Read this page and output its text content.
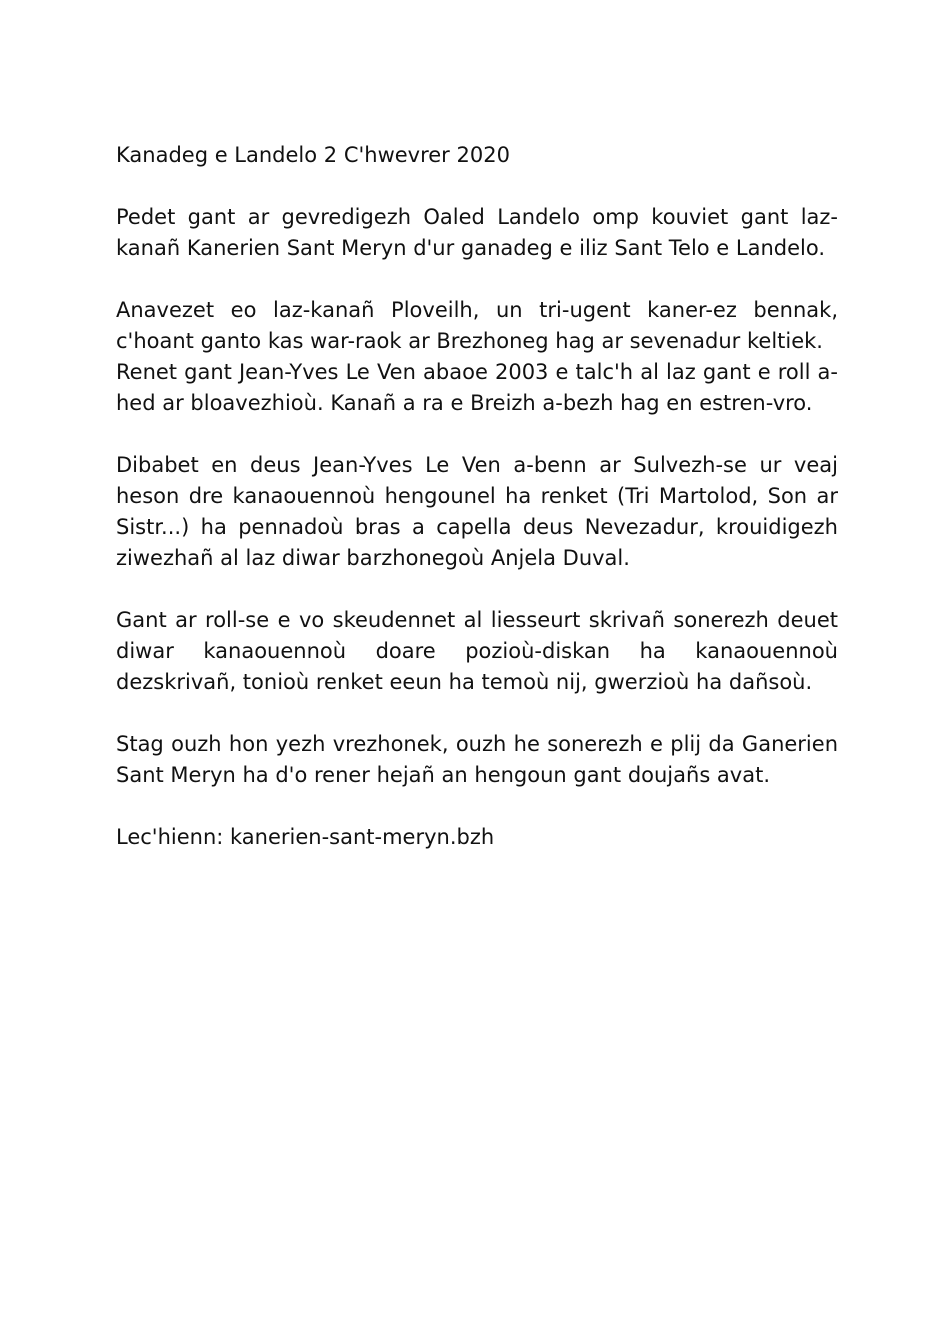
Kanadeg e Landelo 2 C'hwevrer 2020

Pedet gant ar gevredigezh Oaled Landelo omp kouviet gant laz-kanañ Kanerien Sant Meryn d'ur ganadeg e iliz Sant Telo e Landelo.

Anavezet eo laz-kanañ Ploveilh, un tri-ugent kaner-ez bennak, c'hoant ganto kas war-raok ar Brezhoneg hag ar sevenadur keltiek.

Renet gant Jean-Yves Le Ven abaoe 2003 e talc'h al laz gant e roll a-hed ar bloavezhioù. Kanañ a ra e Breizh a-bezh hag en estren-vro.

Dibabet en deus Jean-Yves Le Ven a-benn ar Sulvezh-se ur veaj heson dre kanaouennoù hengounel ha renket (Tri Martolod, Son ar Sistr...) ha pennadoù bras a capella deus Nevezadur, krouidigezh ziwezhañ al laz diwar barzhonegoù Anjela Duval.

Gant ar roll-se e vo skeudennet al liesseurt skrivañ sonerezh deuet diwar kanaouennoù doare pozioù-diskan ha kanaouennoù dezskrivañ, tonioù renket eeun ha temoù nij, gwerzioù ha dañsoù.

Stag ouzh hon yezh vrezhonek, ouzh he sonerezh e plij da Ganerien Sant Meryn ha d'o rener hejañ an hengoun gant doujañs avat.

Lec'hienn: kanerien-sant-meryn.bzh
